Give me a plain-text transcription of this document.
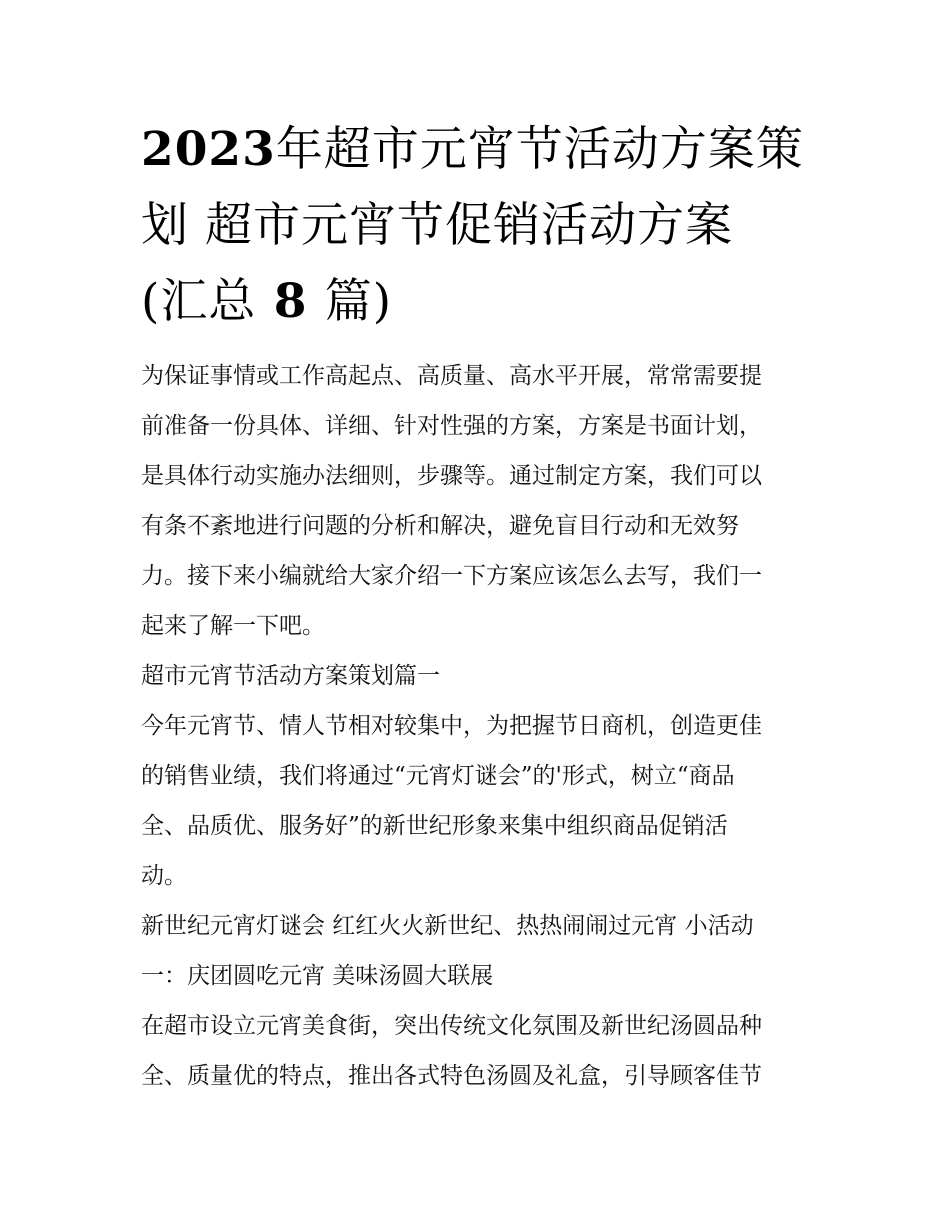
2023年超市元宵节活动方案策
划 超市元宵节促销活动方案
(汇总 8 篇)

为保证事情或工作高起点、高质量、高水平开展，常常需要提

前准备一份具体、详细、针对性强的方案，方案是书面计划，

是具体行动实施办法细则，步骤等。通过制定方案，我们可以

有条不紊地进行问题的分析和解决，避免盲目行动和无效努

力。接下来小编就给大家介绍一下方案应该怎么去写，我们一

起来了解一下吧。

超市元宵节活动方案策划篇一

今年元宵节、情人节相对较集中，为把握节日商机，创造更佳

的销售业绩，我们将通过“元宵灯谜会”的'形式，树立“商品

全、品质优、服务好”的新世纪形象来集中组织商品促销活

动。

新世纪元宵灯谜会 红红火火新世纪、热热闹闹过元宵 小活动

一：庆团圆吃元宵 美味汤圆大联展

在超市设立元宵美食街，突出传统文化氛围及新世纪汤圆品种

全、质量优的特点，推出各式特色汤圆及礼盒，引导顾客佳节
